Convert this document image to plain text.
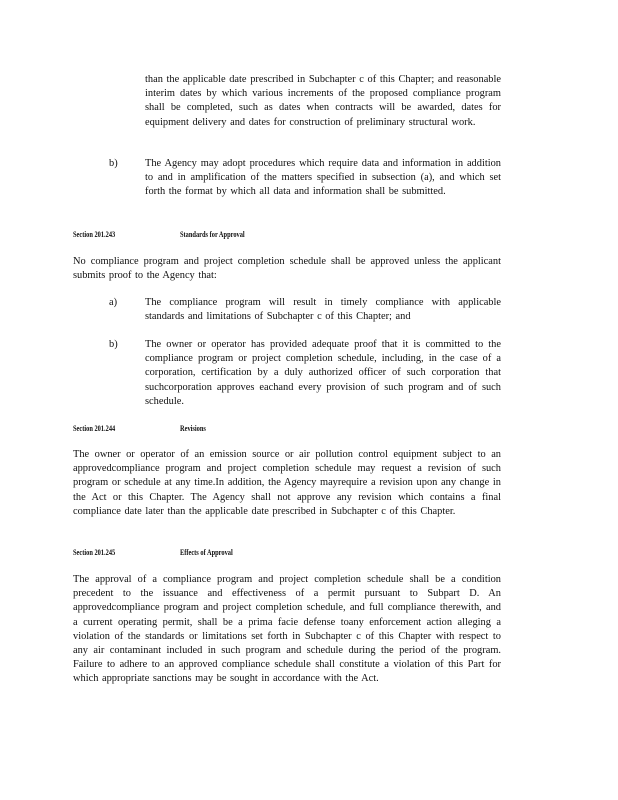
than the applicable date prescribed in Subchapter c of this Chapter; and reasonable interim dates by which various increments of the proposed compliance program shall be completed, such as dates when contracts will be awarded, dates for equipment delivery and dates for construction of preliminary structural work.
b)	The Agency may adopt procedures which require data and information in addition to and in amplification of the matters specified in subsection (a), and which set forth the format by which all data and information shall be submitted.
Section 201.243	Standards for Approval
No compliance program and project completion schedule shall be approved unless the applicant submits proof to the Agency that:
a)	The compliance program will result in timely compliance with applicable standards and limitations of Subchapter c of this Chapter; and
b)	The owner or operator has provided adequate proof that it is committed to the compliance program or project completion schedule, including, in the case of a corporation, certification by a duly authorized officer of such corporation that suchcorporation approves eachand every provision of such program and of such schedule.
Section 201.244	Revisions
The owner or operator of an emission source or air pollution control equipment subject to an approvedcompliance program and project completion schedule may request a revision of such program or schedule at any time.In addition, the Agency mayrequire a revision upon any change in the Act or this Chapter. The Agency shall not approve any revision which contains a final compliance date later than the applicable date prescribed in Subchapter c of this Chapter.
Section 201.245	Effects of Approval
The approval of a compliance program and project completion schedule shall be a condition precedent to the issuance and effectiveness of a permit pursuant to Subpart D. An approvedcompliance program and project completion schedule, and full compliance therewith, and a current operating permit, shall be a prima facie defense toany enforcement action alleging a violation of the standards or limitations set forth in Subchapter c of this Chapter with respect to any air contaminant included in such program and schedule during the period of the program. Failure to adhere to an approved compliance schedule shall constitute a violation of this Part for which appropriate sanctions may be sought in accordance with the Act.
